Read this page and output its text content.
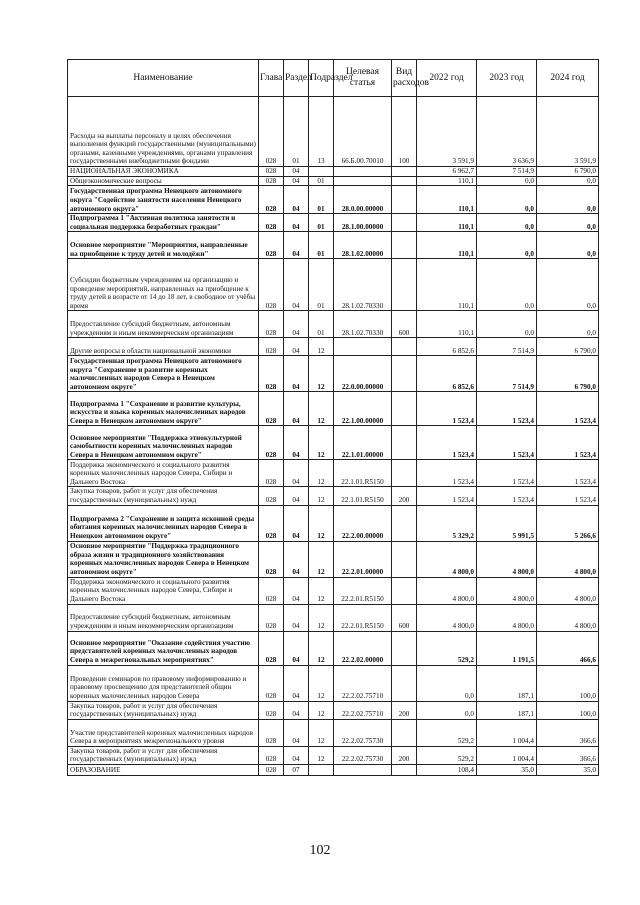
Наименование	Глава	Раздел	Подраздел	Целевая статья	Вид расходов	2022 год	2023 год	2024 год
Расходы на выплаты персоналу в целях обеспечения выполнения функций государственными (муниципальными) органами, казенными учреждениями, органами управления государственными внебюджетными фондами	028	01	13	66.Б.00.70010	100	3 591,9	3 636,9	3 591,9
НАЦИОНАЛЬНАЯ ЭКОНОМИКА	028	04				6 962,7	7 514,9	6 790,0
Общеэкономические вопросы	028	04	01			110,1	0,0	0,0
Государственная программа Ненецкого автономного округа "Содействие занятости населения Ненецкого автономного округа"	028	04	01	28.0.00.00000		110,1	0,0	0,0
Подпрограмма 1 "Активная политика занятости и социальная поддержка безработных граждан"	028	04	01	28.1.00.00000		110,1	0,0	0,0
Основное мероприятие "Мероприятия, направленные на приобщение к труду детей и молодёжи"	028	04	01	28.1.02.00000		110,1	0,0	0,0
Субсидии бюджетным учреждениям на организацию и проведение мероприятий, направленных на приобщение к труду детей в возрасте от 14 до 18 лет, в свободное от учёбы время	028	04	01	28.1.02.70330		110,1	0,0	0,0
Предоставление субсидий бюджетным, автономным учреждениям и иным некоммерческим организациям	028	04	01	28.1.02.70330	600	110,1	0,0	0,0
Другие вопросы в области национальной экономики	028	04	12			6 852,6	7 514,9	6 790,0
Государственная программа Ненецкого автономного округа "Сохранение и развитие коренных малочисленных народов Севера в Ненецком автономном округе"	028	04	12	22.0.00.00000		6 852,6	7 514,9	6 790,0
Подпрограмма 1 "Сохранение и развитие культуры, искусства и языка коренных малочисленных народов Севера в Ненецком автономном округе"	028	04	12	22.1.00.00000		1 523,4	1 523,4	1 523,4
Основное мероприятие "Поддержка этнокультурной самобытности коренных малочисленных народов Севера в Ненецком автономном округе"	028	04	12	22.1.01.00000		1 523,4	1 523,4	1 523,4
Поддержка экономического и социального развития коренных малочисленных народов Севера, Сибири и Дальнего Востока	028	04	12	22.1.01.R5150		1 523,4	1 523,4	1 523,4
Закупка товаров, работ и услуг для обеспечения государственных (муниципальных) нужд	028	04	12	22.1.01.R5150	200	1 523,4	1 523,4	1 523,4
Подпрограмма 2 "Сохранение и защита исконной среды обитания коренных малочисленных народов Севера в Ненецком автономном округе"	028	04	12	22.2.00.00000		5 329,2	5 991,5	5 266,6
Основное мероприятие "Поддержка традиционного образа жизни и традиционного хозяйствования коренных малочисленных народов Севера в Ненецком автономном округе"	028	04	12	22.2.01.00000		4 800,0	4 800,0	4 800,0
Поддержка экономического и социального развития коренных малочисленных народов Севера, Сибири и Дальнего Востока	028	04	12	22.2.01.R5150		4 800,0	4 800,0	4 800,0
Предоставление субсидий бюджетным, автономным учреждениям и иным некоммерческим организациям	028	04	12	22.2.01.R5150	600	4 800,0	4 800,0	4 800,0
Основное мероприятие "Оказание содействия участию представителей коренных малочисленных народов Севера в межрегиональных мероприятиях"	028	04	12	22.2.02.00000		529,2	1 191,5	466,6
Проведение семинаров по правовому информированию и правовому просвещению для представителей общин коренных малочисленных народов Севера	028	04	12	22.2.02.75710		0,0	187,1	100,0
Закупка товаров, работ и услуг для обеспечения государственных (муниципальных) нужд	028	04	12	22.2.02.75710	200	0,0	187,1	100,0
Участие представителей коренных малочисленных народов Севера в мероприятиях межрегионального уровня	028	04	12	22.2.02.75730		529,2	1 004,4	366,6
Закупка товаров, работ и услуг для обеспечения государственных (муниципальных) нужд	028	04	12	22.2.02.75730	200	529,2	1 004,4	366,6
ОБРАЗОВАНИЕ	028	07				108,4	35,0	35,0
102
